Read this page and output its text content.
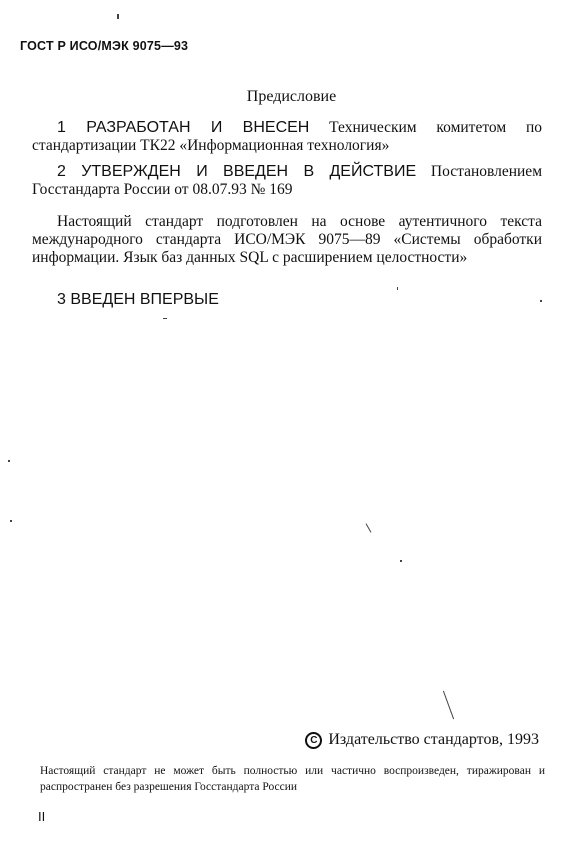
ГОСТ Р ИСО/МЭК 9075—93
Предисловие
1 РАЗРАБОТАН И ВНЕСЕН Техническим комитетом по стандартизации ТК22 «Информационная технология»
2 УТВЕРЖДЕН И ВВЕДЕН В ДЕЙСТВИЕ Постановлением Госстандарта России от 08.07.93 № 169
Настоящий стандарт подготовлен на основе аутентичного текста международного стандарта ИСО/МЭК 9075—89 «Системы обработки информации. Язык баз данных SQL с расширением целостности»
3 ВВЕДЕН ВПЕРВЫЕ
C Издательство стандартов, 1993
Настоящий стандарт не может быть полностью или частично воспроизведен, тиражирован и распространен без разрешения Госстандарта России
II
